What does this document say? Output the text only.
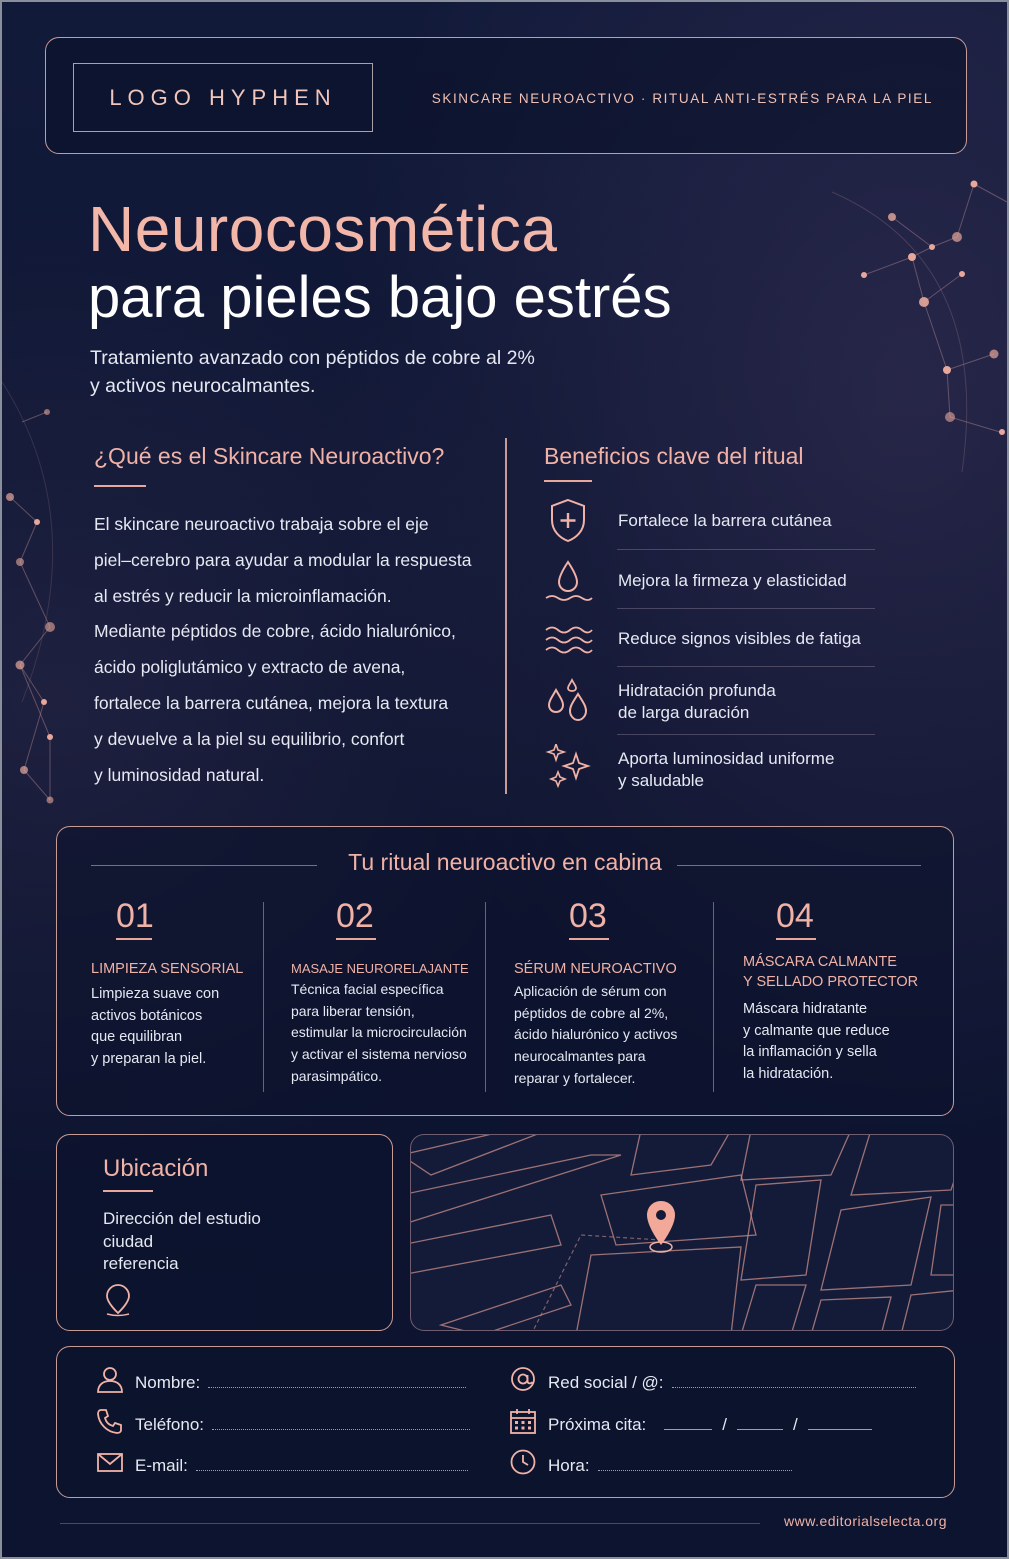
LOGO HYPHEN	SKINCARE NEUROACTIVO · RITUAL ANTI-ESTRÉS PARA LA PIEL
Neurocosmética
para pieles bajo estrés
Tratamiento avanzado con péptidos de cobre al 2%
y activos neurocalmantes.
¿Qué es el Skincare Neuroactivo?
El skincare neuroactivo trabaja sobre el eje
piel–cerebro para ayudar a modular la respuesta
al estrés y reducir la microinflamación.
Mediante péptidos de cobre, ácido hialurónico,
ácido poliglutámico y extracto de avena,
fortalece la barrera cutánea, mejora la textura
y devuelve a la piel su equilibrio, confort
y luminosidad natural.
Beneficios clave del ritual
Fortalece la barrera cutánea
Mejora la firmeza y elasticidad
Reduce signos visibles de fatiga
Hidratación profunda
de larga duración
Aporta luminosidad uniforme
y saludable
Tu ritual neuroactivo en cabina
01
LIMPIEZA SENSORIAL
Limpieza suave con
activos botánicos
que equilibran
y preparan la piel.
02
MASAJE NEURORELAJANTE
Técnica facial específica
para liberar tensión,
estimular la microcirculación
y activar el sistema nervioso
parasimpático.
03
SÉRUM NEUROACTIVO
Aplicación de sérum con
péptidos de cobre al 2%,
ácido hialurónico y activos
neurocalmantes para
reparar y fortalecer.
04
MÁSCARA CALMANTE
Y SELLADO PROTECTOR
Máscara hidratante
y calmante que reduce
la inflamación y sella
la hidratación.
Ubicación
Dirección del estudio
ciudad
referencia
Nombre:
Teléfono:
E-mail:
Red social / @:
Próxima cita:	/	/
Hora:
www.editorialselecta.org
